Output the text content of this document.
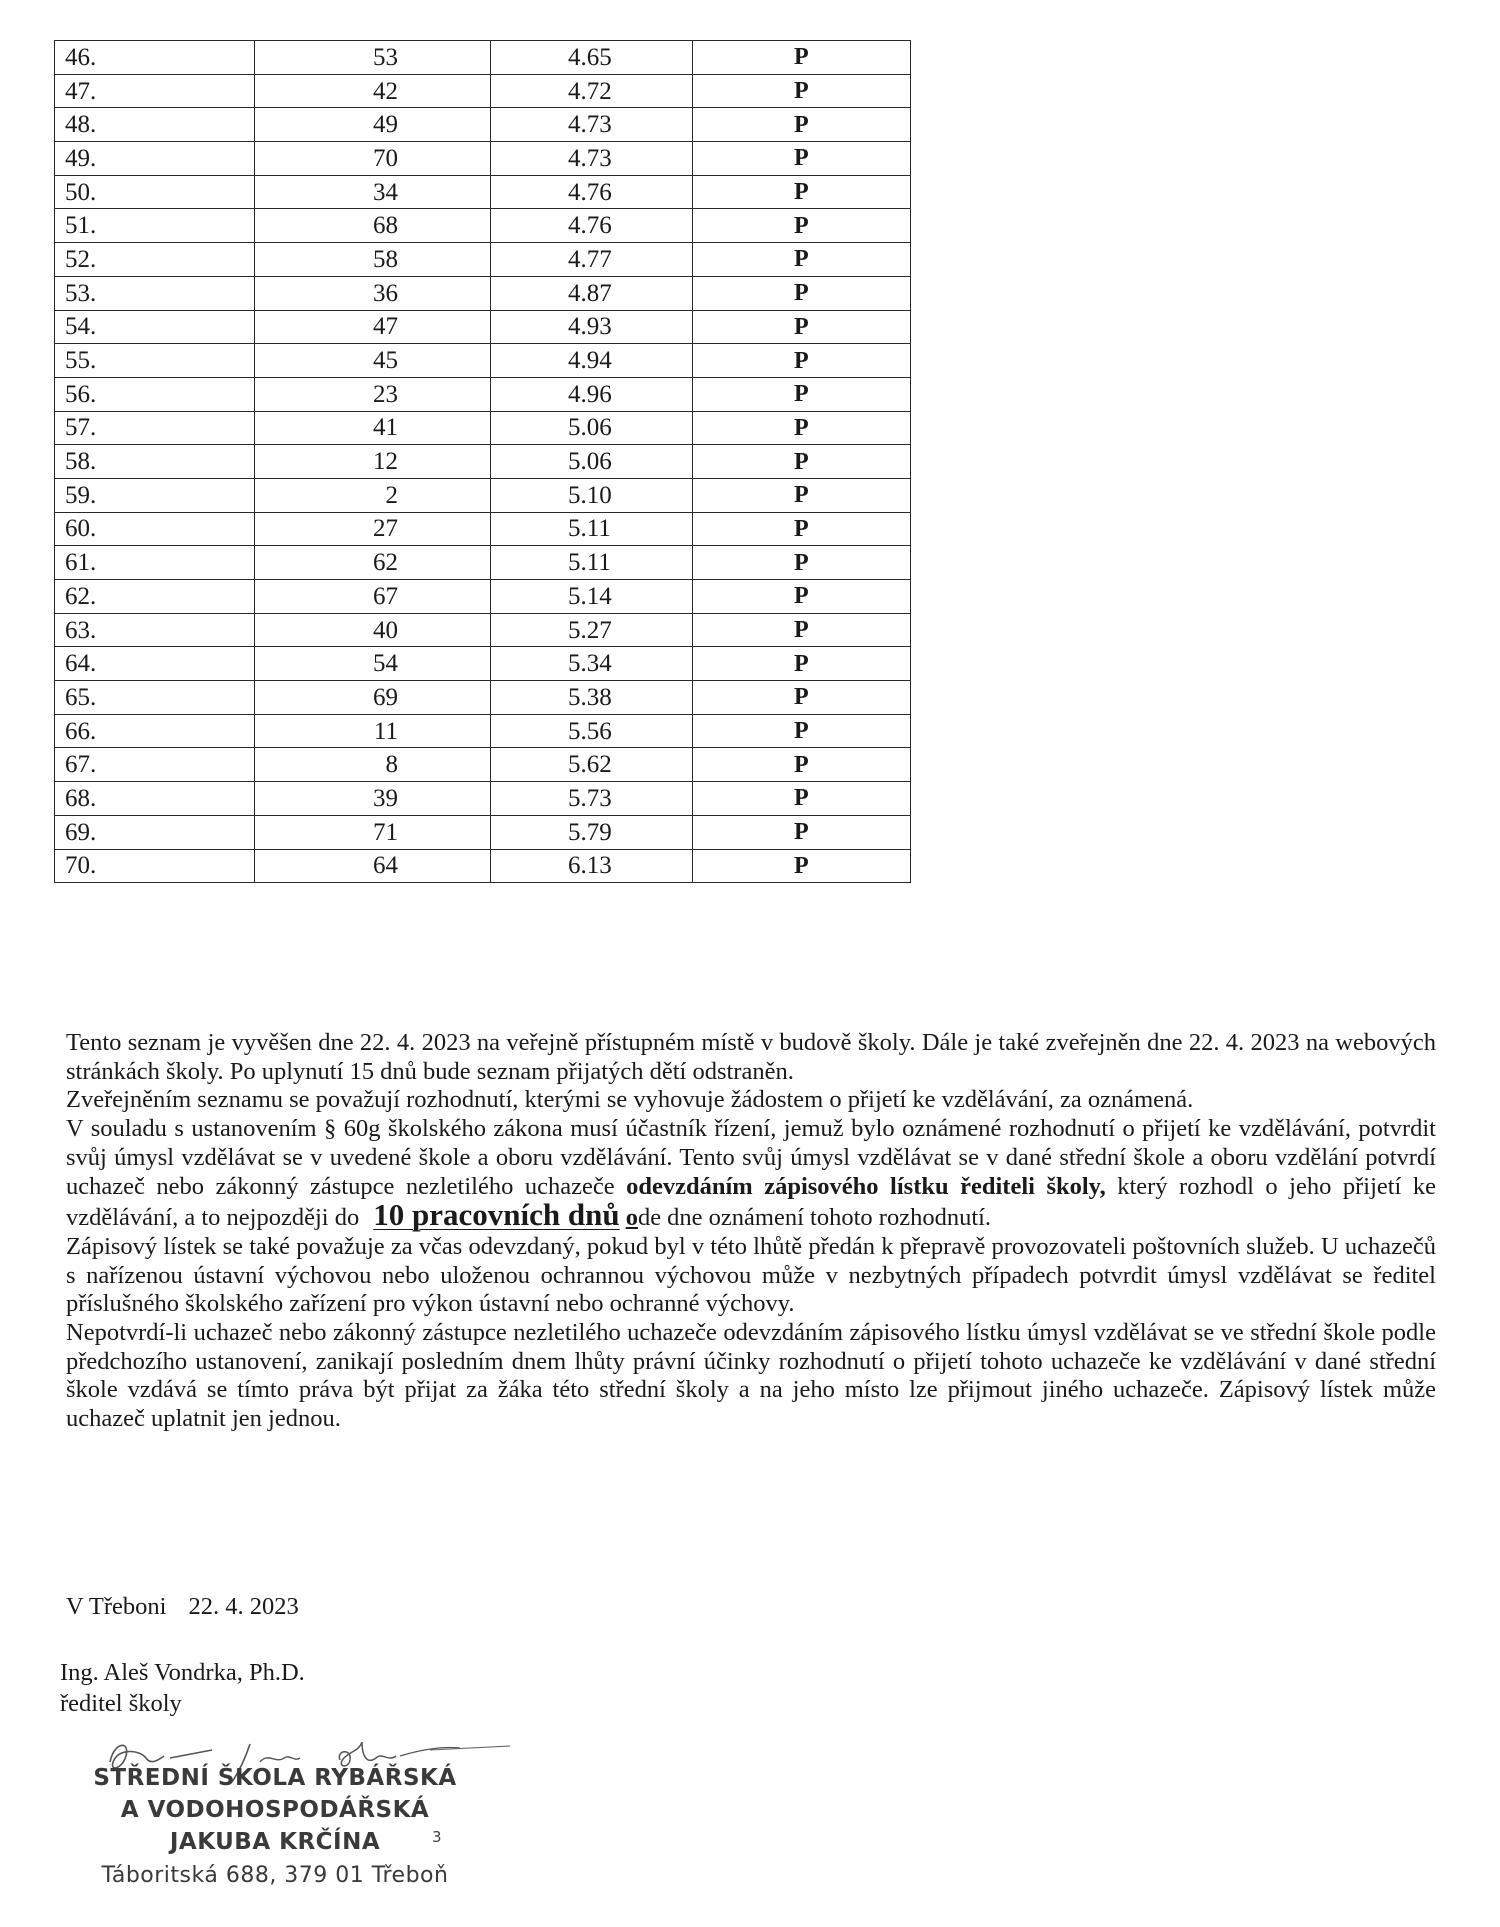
46.	53	4.65	P
47.	42	4.72	P
48.	49	4.73	P
49.	70	4.73	P
50.	34	4.76	P
51.	68	4.76	P
52.	58	4.77	P
53.	36	4.87	P
54.	47	4.93	P
55.	45	4.94	P
56.	23	4.96	P
57.	41	5.06	P
58.	12	5.06	P
59.	2	5.10	P
60.	27	5.11	P
61.	62	5.11	P
62.	67	5.14	P
63.	40	5.27	P
64.	54	5.34	P
65.	69	5.38	P
66.	11	5.56	P
67.	8	5.62	P
68.	39	5.73	P
69.	71	5.79	P
70.	64	6.13	P

Tento seznam je vyvěšen dne 22. 4. 2023 na veřejně přístupném místě v budově školy. Dále je také zveřejněn dne 22. 4. 2023 na webových stránkách školy. Po uplynutí 15 dnů bude seznam přijatých dětí odstraněn.

Zveřejněním seznamu se považují rozhodnutí, kterými se vyhovuje žádostem o přijetí ke vzdělávání, za oznámená.

V souladu s ustanovením § 60g školského zákona musí účastník řízení, jemuž bylo oznámené rozhodnutí o přijetí ke vzdělávání, potvrdit svůj úmysl vzdělávat se v uvedené škole a oboru vzdělávání. Tento svůj úmysl vzdělávat se v dané střední škole a oboru vzdělání potvrdí uchazeč nebo zákonný zástupce nezletilého uchazeče odevzdáním zápisového lístku řediteli školy, který rozhodl o jeho přijetí ke vzdělávání, a to nejpozději do 10 pracovních dnů ode dne oznámení tohoto rozhodnutí.

Zápisový lístek se také považuje za včas odevzdaný, pokud byl v této lhůtě předán k přepravě provozovateli poštovních služeb. U uchazečů s nařízenou ústavní výchovou nebo uloženou ochrannou výchovou může v nezbytných případech potvrdit úmysl vzdělávat se ředitel příslušného školského zařízení pro výkon ústavní nebo ochranné výchovy.

Nepotvrdí-li uchazeč nebo zákonný zástupce nezletilého uchazeče odevzdáním zápisového lístku úmysl vzdělávat se ve střední škole podle předchozího ustanovení, zanikají posledním dnem lhůty právní účinky rozhodnutí o přijetí tohoto uchazeče ke vzdělávání v dané střední škole vzdává se tímto práva být přijat za žáka této střední školy a na jeho místo lze přijmout jiného uchazeče. Zápisový lístek může uchazeč uplatnit jen jednou.

V Třeboni 22. 4. 2023
Ing. Aleš Vondrka, Ph.D.
ředitel školy
STŘEDNÍ ŠKOLA RYBÁŘSKÁ
A VODOHOSPODÁŘSKÁ
JAKUBA KRČÍNA
Táboritská 688, 379 01 Třeboň
3
